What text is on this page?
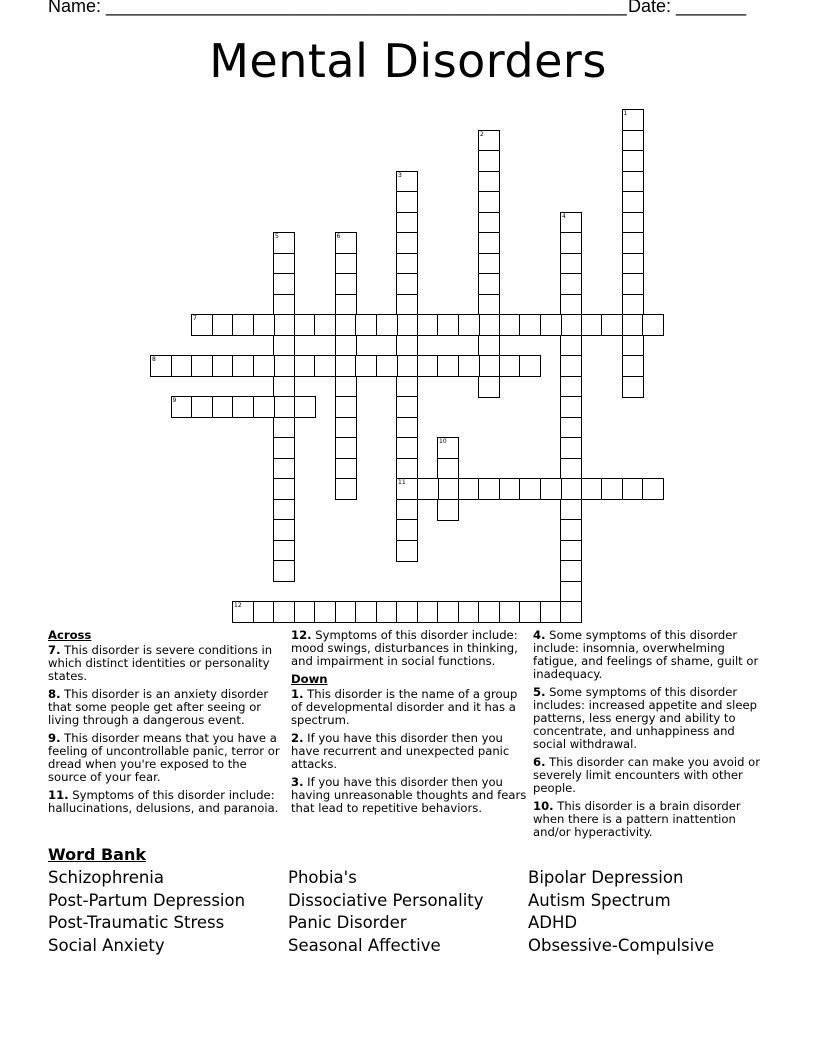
Name: ____________________________________________________ Date: _______
Mental Disorders
1
2
3
11
4
5	6
7
8
9
10
12
Across
7. This disorder is severe conditions in which distinct identities or personality states.
8. This disorder is an anxiety disorder that some people get after seeing or living through a dangerous event.
9. This disorder means that you have a feeling of uncontrollable panic, terror or dread when you're exposed to the source of your fear.
11. Symptoms of this disorder include: hallucinations, delusions, and paranoia.
12. Symptoms of this disorder include: mood swings, disturbances in thinking, and impairment in social functions.
Down
1. This disorder is the name of a group of developmental disorder and it has a spectrum.
2. If you have this disorder then you have recurrent and unexpected panic attacks.
3. If you have this disorder then you having unreasonable thoughts and fears that lead to repetitive behaviors.
4. Some symptoms of this disorder include: insomnia, overwhelming fatigue, and feelings of shame, guilt or inadequacy.
5. Some symptoms of this disorder includes: increased appetite and sleep patterns, less energy and ability to concentrate, and unhappiness and social withdrawal.
6. This disorder can make you avoid or severely limit encounters with other people.
10. This disorder is a brain disorder when there is a pattern inattention and/or hyperactivity.
Word Bank
Schizophrenia	Phobia's	Bipolar Depression
Post-Partum Depression	Dissociative Personality	Autism Spectrum
Post-Traumatic Stress	Panic Disorder	ADHD
Social Anxiety	Seasonal Affective	Obsessive-Compulsive
